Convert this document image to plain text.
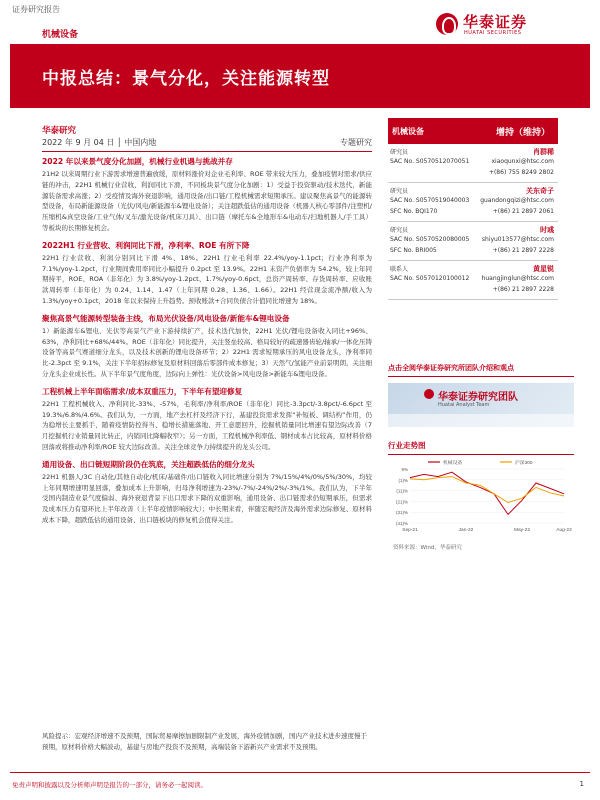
证券研究报告
机械设备
华泰证券
HUATAI SECURITIES
中报总结：景气分化，关注能源转型
华泰研究
2022 年 9 月 04 日 │ 中国内地	专题研究
2022 年以来景气度分化加剧，机械行业机遇与挑战并存

21H2 以来周期行业下游需求增速普遍放缓，原材料涨价对企业毛利率、ROE 带来较大压力，叠加疫情对需求/供应链的冲击，22H1 机械行业营收、利润同比下滑，不同板块景气度分化加剧：1）受益于投资驱动/技术迭代，新能源装备需求高涨；2）受疫情及海外衰退影响，通用设备/出口链/工程机械需求短期承压。建议聚焦高景气的能源转型设备，布局新能源设备（光伏/风电/新能源车&锂电设备）；关注超跌低估的通用设备（机器人核心零部件/注塑机/压缩机&真空设备/工业气体/叉车/激光设备/机床刀具）、出口链（摩托车&全地形车&电动车/扫地机器人/手工具）等板块的长期修复机会。

2022H1 行业营收、利润同比下滑，净利率、ROE 有所下降

22H1 行业营收、利润分别同比下滑 4%、18%。22H1 行业毛利率 22.4%/yoy-1.1pct；行业净利率为 7.1%/yoy-1.2pct，行业期间费用率同比小幅提升 0.2pct 至 13.9%。22H1 末资产负债率为 54.2%，较上年同期持平，ROE、ROA（非年化）为 3.8%/yoy-1.2pct、1.7%/yoy-0.6pct，总资产周转率、存货周转率、应收账款周转率（非年化）为 0.24、1.14、1.47（上年同期 0.28、1.36、1.66）。22H1 经营现金流净额/收入为 1.3%/yoy+0.1pct，2018 年以来保持上升趋势。预收账款+合同负债合计值同比增速为 18%。

聚焦高景气能源转型装备主线，布局光伏设备/风电设备/新能车&锂电设备

1）新能源车&锂电、光伏等高景气产业下游持续扩产，技术迭代加快，22H1 光伏/锂电设备收入同比+96%、63%，净利同比+68%/44%。ROE（非年化）同比提升，关注竖垒较高、格局较好的疏速器齿轮/轴承/一体化压铸设备等高景气赛道细分龙头，以及技术创新的锂电设备环节；2）22H1 需求短期承压的风电设备龙头，净利率同比-2.3pct 至 9.1%，关注下半年招标修复及原材料回落后零部件成本修复；3）天然气/氢能产业前景明朗，关注细分龙头企业成长性。从下半年景气度角度，边际向上弹性：光伏设备>风电设备>新能车&锂电设备。

工程机械上半年面临需求/成本双重压力，下半年有望迎修复

22H1 工程机械收入、净利同比-33%、-57%，毛利率/净利率/ROE（非年化）同比-3.3pct/-3.8pct/-6.6pct 至 19.3%/6.8%/4.6%。我们认为，一方面，地产去杠杆及经济下行，基建投资需求发挥“补短板、调结构”作用，仍为稳增长主要抓手，随着疫情防控得当、稳增长措施落地、开工意愿回升，挖掘机销量同比增速有望边际改善（7 月挖掘机行业销量同比转正，内销同比降幅收窄）；另一方面，工程机械净利率低、钢材成本占比较高，原材料价格回落或将推动净利率/ROE 较大边际改善。关注全球竞争力持续提升的龙头公司。

通用设备、出口链短期阶段仍在筑底，关注超跌低估的细分龙头

22H1 机器人/3C 自动化/其他自动化/机床/基础件/出口链收入同比增速分别为 7%/15%/4%/0%/5%/30%，均较上年同期增速明显回落，叠加成本上升影响，归母净利增速为-23%/-7%/-24%/2%/-3%/1%。我们认为，下半年受国内制造业景气度偏弱、海外衰退背景下出口需求下降的双重影响，通用设备、出口链需求仍短期承压，但需求及成本压力有望环比上半年改善（上半年疫情影响较大）；中长期来看，伴随宏观经济及海外需求边际修复、原材料成本下降，超跌低估的通用设备、出口链板块的修复机会值得关注。

风险提示：宏观经济增速不及预期，国际贸易摩擦加剧限制产业发展，海外疫情加剧，国内产业技术进步速度慢于预期，原材料价格大幅波动，基建与房地产投资不及预期，高端装备下游新兴产业需求不及预期。
机械设备	增持（维持）
研究员	肖群稀
SAC No. S0570512070051	xiaoqunxi@htsc.com
+(86) 755 8249 2802
研究员	关东奇子
SAC No. S0570519040003 guandongqizi@htsc.com
SFC No. BQI170	+(86) 21 2897 2061
研究员	时彧
SAC No. S0570520080005 shiyu013577@htsc.com
SFC No. BRI005	+(86) 21 2897 2228
联系人	黄星锐
SAC No. S0570120100012 huangjinglun@htsc.com
+(86) 21 2897 2228
点击全阅华泰证券研究所团队介绍和观点
华泰证券研究团队
Huatai Analyst Team
行业走势图
9%
(1)%
(11)%
(21)%
(31)%
(41)%
Sep-21	Jan-22	May-22	Aug-22
机械设备	沪深300
资料来源：Wind，华泰研究
免责声明和披露以及分析师声明是报告的一部分，请务必一起阅读。	1
